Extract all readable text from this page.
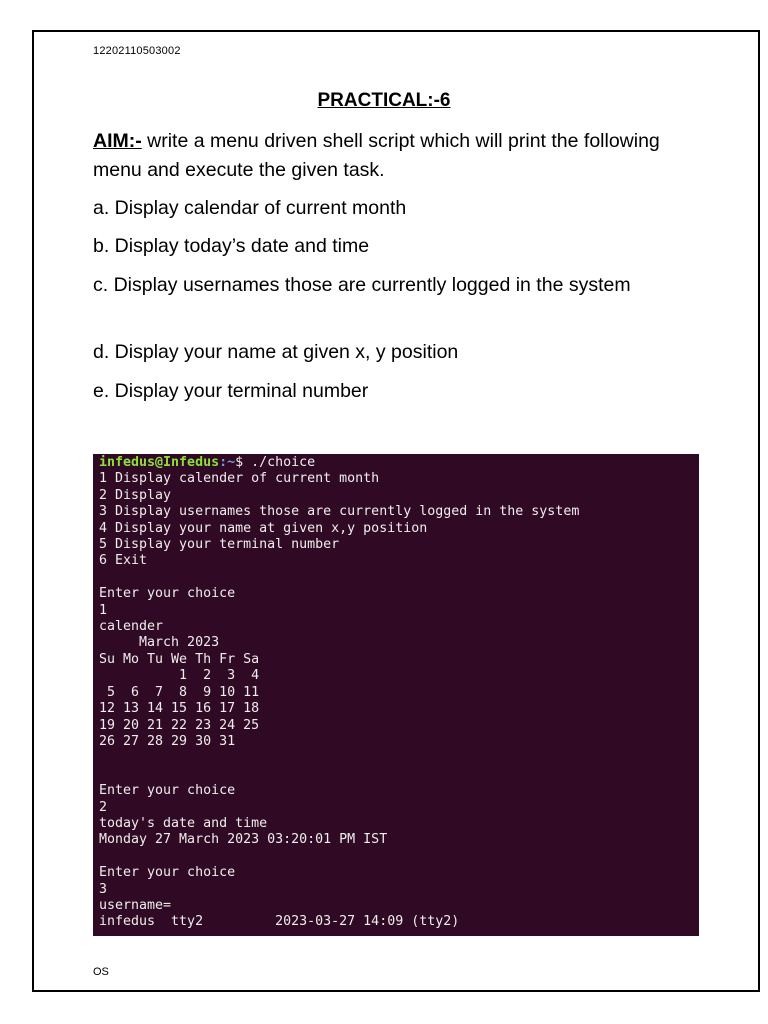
12202110503002
PRACTICAL:-6
AIM:- write a menu driven shell script which will print the following menu and execute the given task.
a. Display calendar of current month
b. Display today’s date and time
c. Display usernames those are currently logged in the system
d. Display your name at given x, y position
e. Display your terminal number
infedus@Infedus:~$ ./choice
1 Display calender of current month
2 Display
3 Display usernames those are currently logged in the system
4 Display your name at given x,y position
5 Display your terminal number
6 Exit

Enter your choice
1
calender
March 2023
Su Mo Tu We Th Fr Sa
1  2  3  4
5  6  7  8  9 10 11
12 13 14 15 16 17 18
19 20 21 22 23 24 25
26 27 28 29 30 31

Enter your choice
2
today's date and time
Monday 27 March 2023 03:20:01 PM IST

Enter your choice
3
username=
infedus  tty2         2023-03-27 14:09 (tty2)
OS
